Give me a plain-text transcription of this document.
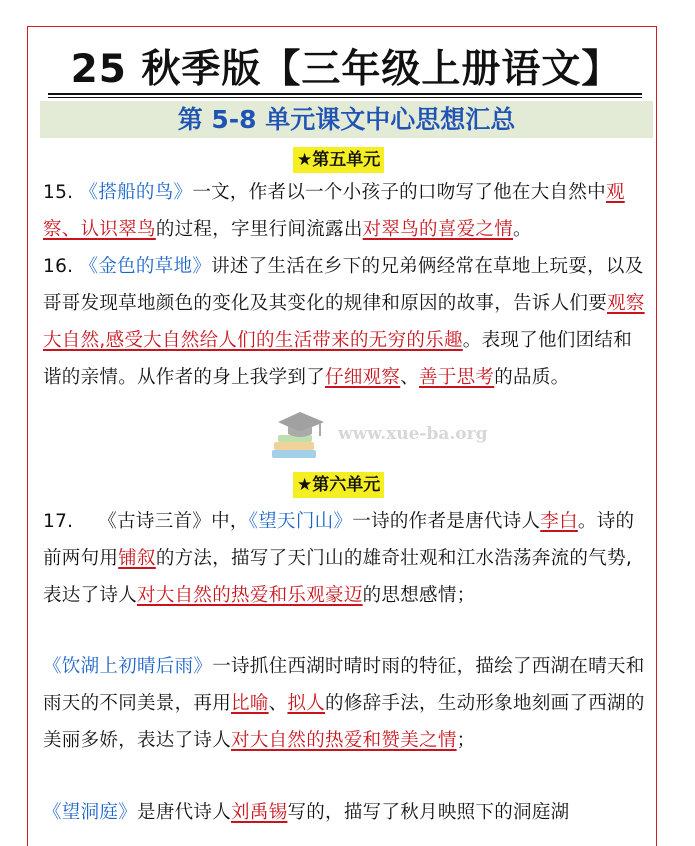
25 秋季版【三年级上册语文】
第 5-8 单元课文中心思想汇总
★第五单元

15. 《搭船的鸟》一文，作者以一个小孩子的口吻写了他在大自然中观察、认识翠鸟的过程，字里行间流露出对翠鸟的喜爱之情。

16. 《金色的草地》讲述了生活在乡下的兄弟俩经常在草地上玩耍，以及哥哥发现草地颜色的变化及其变化的规律和原因的故事，告诉人们要观察大自然,感受大自然给人们的生活带来的无穷的乐趣。表现了他们团结和谐的亲情。从作者的身上我学到了仔细观察、善于思考的品质。

www.xue-ba.org
★第六单元

17.　 《古诗三首》中，《望天门山》一诗的作者是唐代诗人李白。诗的前两句用铺叙的方法，描写了天门山的雄奇壮观和江水浩荡奔流的气势,表达了诗人对大自然的热爱和乐观豪迈的思想感情；

《饮湖上初晴后雨》一诗抓住西湖时晴时雨的特征，描绘了西湖在晴天和雨天的不同美景，再用比喻、拟人的修辞手法，生动形象地刻画了西湖的美丽多娇，表达了诗人对大自然的热爱和赞美之情；

《望洞庭》是唐代诗人刘禹锡写的，描写了秋月映照下的洞庭湖
